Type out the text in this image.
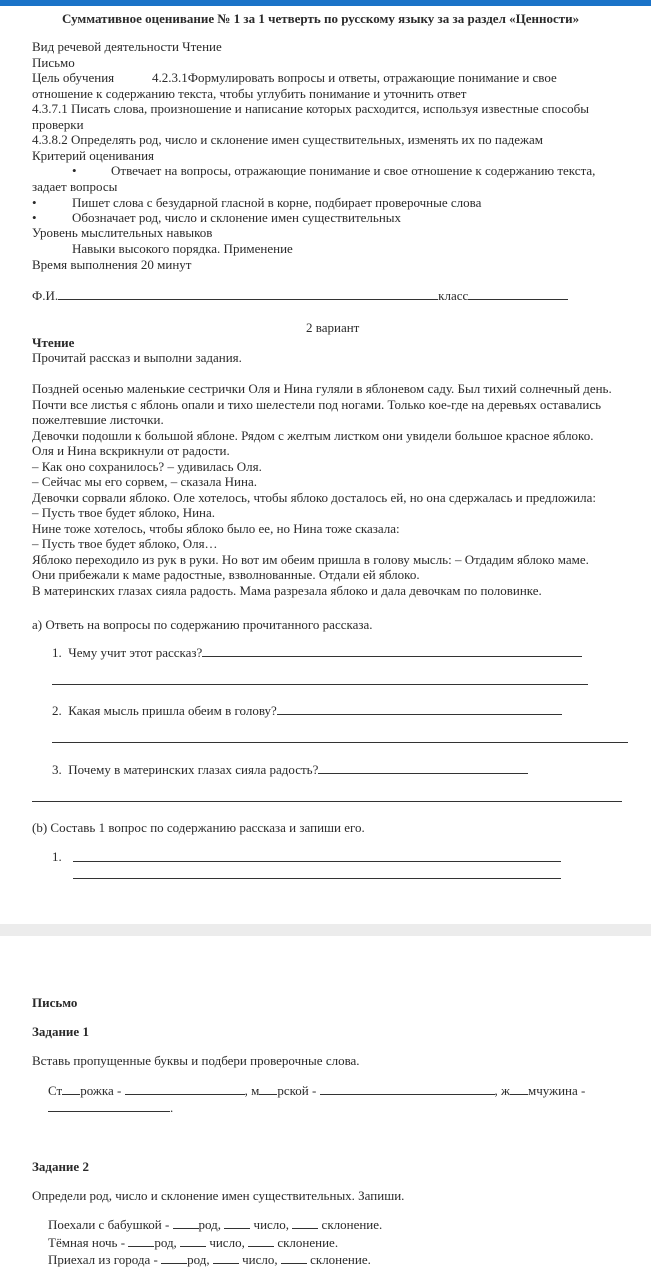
Суммативное оценивание № 1 за 1 четверть по русскому языку за за раздел «Ценности»
Вид речевой деятельности Чтение
Письмо
Цель обучения	4.2.3.1Формулировать вопросы и ответы, отражающие понимание и свое
отношение к содержанию текста, чтобы углубить понимание и уточнить ответ
4.3.7.1 Писать слова, произношение и написание которых расходится, используя известные способы
проверки
4.3.8.2 Определять род, число и склонение имен существительных, изменять их по падежам
Критерий оценивания
•	Отвечает на вопросы, отражающие понимание и свое отношение к содержанию текста,
задает вопросы
•	Пишет слова с безударной гласной в корне, подбирает проверочные слова
•	Обозначает род, число и склонение имен существительных
Уровень мыслительных навыков
Навыки высокого порядка. Применение
Время выполнения 20 минут
Ф.И.	класс
2 вариант
Чтение
Прочитай рассказ и выполни задания.
Поздней осенью маленькие сестрички Оля и Нина гуляли в яблоневом саду. Был тихий солнечный день.
Почти все листья с яблонь опали и тихо шелестели под ногами. Только кое-где на деревьях оставались
пожелтевшие листочки.
Девочки подошли к большой яблоне. Рядом с желтым листком они увидели большое красное яблоко.
Оля и Нина вскрикнули от радости.
– Как оно сохранилось? – удивилась Оля.
– Сейчас мы его сорвем, – сказала Нина.
Девочки сорвали яблоко. Оле хотелось, чтобы яблоко досталось ей, но она сдержалась и предложила:
– Пусть твое будет яблоко, Нина.
Нине тоже хотелось, чтобы яблоко было ее, но Нина тоже сказала:
– Пусть твое будет яблоко, Оля…
Яблоко переходило из рук в руки. Но вот им обеим пришла в голову мысль: – Отдадим яблоко маме.
Они прибежали к маме радостные, взволнованные. Отдали ей яблоко.
В материнских глазах сияла радость. Мама разрезала яблоко и дала девочкам по половинке.
а) Ответь на вопросы по содержанию прочитанного рассказа.
1. Чему учит этот рассказ?
2. Какая мысль пришла обеим в голову?
3. Почему в материнских глазах сияла радость?
(b) Составь 1 вопрос по содержанию рассказа и запиши его.
1.
Письмо
Задание 1
Вставь пропущенные буквы и подбери проверочные слова.
Ст рожка -	, м рской -	, ж мчужина -
.
Задание 2
Определи род, число и склонение имен существительных. Запиши.
Поехали с бабушкой - род,	число,	склонение.
Тёмная ночь - род,	число,	склонение.
Приехал из города - род,	число,	склонение.
